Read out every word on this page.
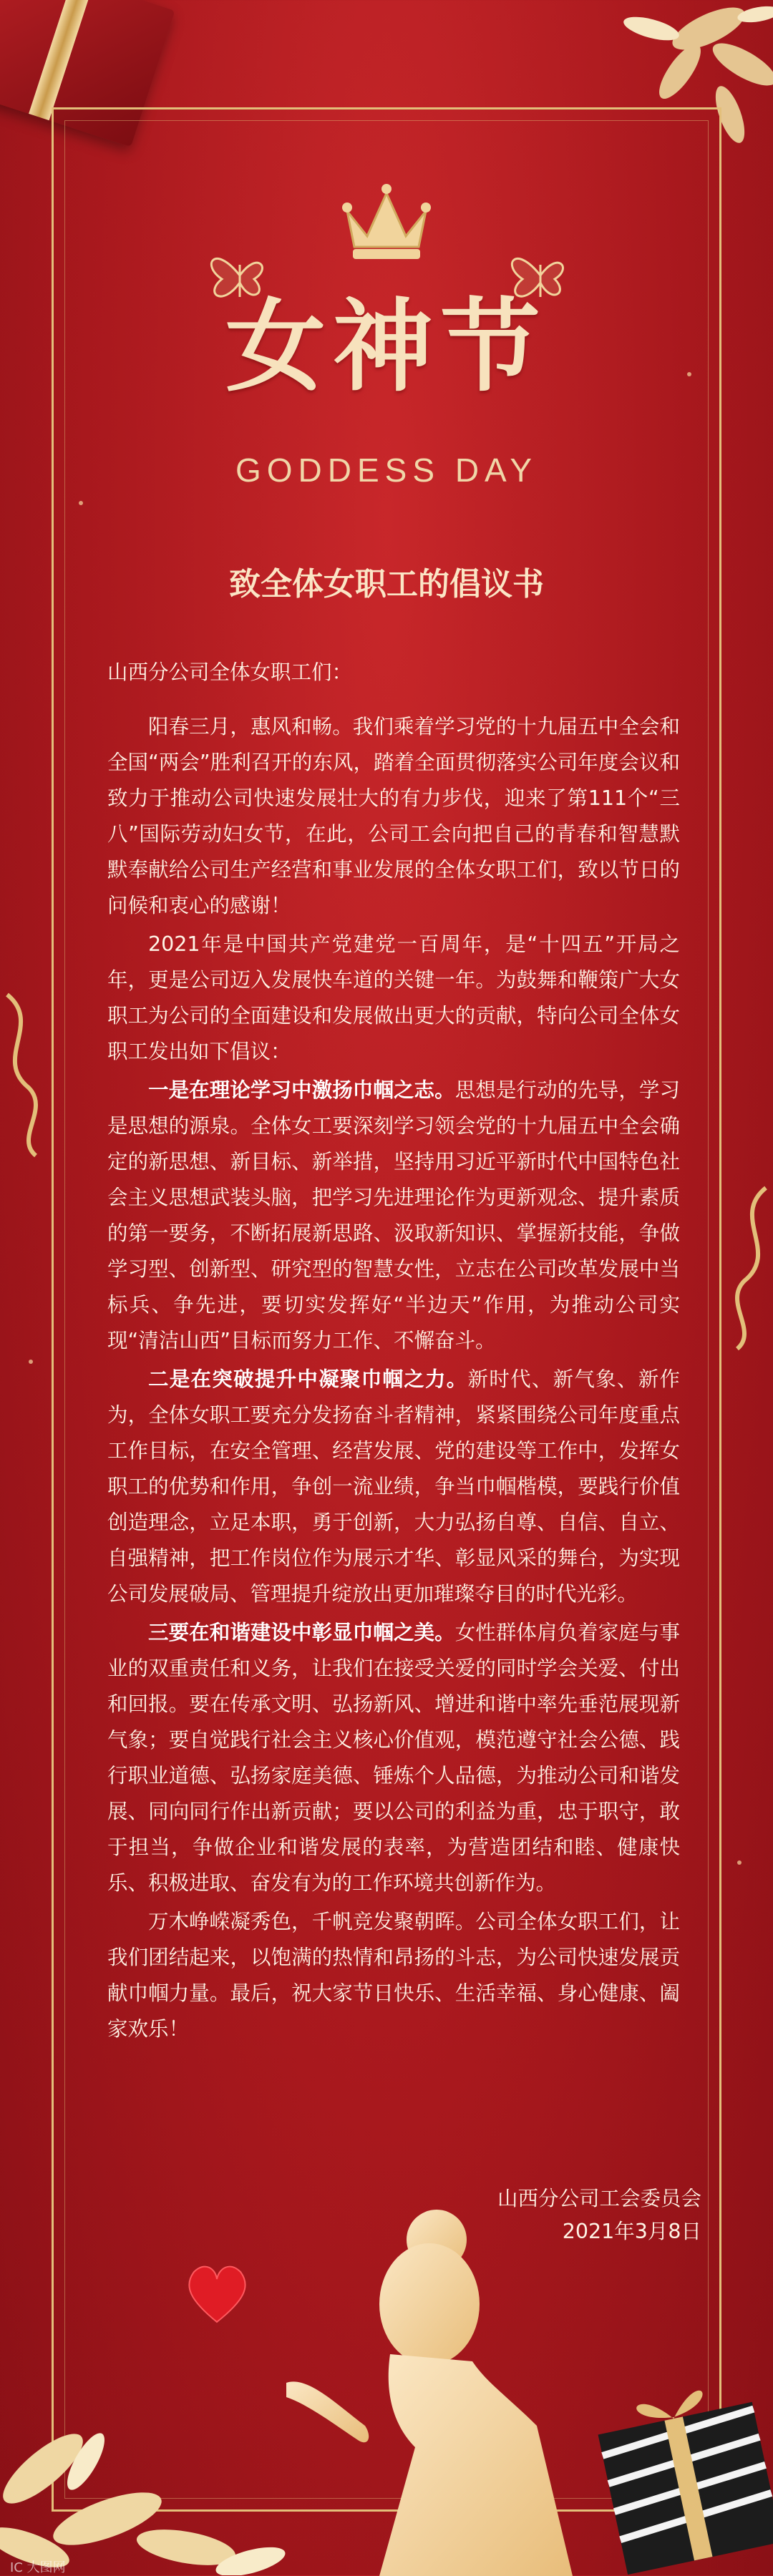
女神节
GODDESS DAY
致全体女职工的倡议书

山西分公司全体女职工们：

阳春三月，惠风和畅。我们乘着学习党的十九届五中全会和全国“两会”胜利召开的东风，踏着全面贯彻落实公司年度会议和致力于推动公司快速发展壮大的有力步伐，迎来了第111个“三八”国际劳动妇女节，在此，公司工会向把自己的青春和智慧默默奉献给公司生产经营和事业发展的全体女职工们，致以节日的问候和衷心的感谢！

2021年是中国共产党建党一百周年，是“十四五”开局之年，更是公司迈入发展快车道的关键一年。为鼓舞和鞭策广大女职工为公司的全面建设和发展做出更大的贡献，特向公司全体女职工发出如下倡议：

一是在理论学习中激扬巾帼之志。思想是行动的先导，学习是思想的源泉。全体女工要深刻学习领会党的十九届五中全会确定的新思想、新目标、新举措，坚持用习近平新时代中国特色社会主义思想武装头脑，把学习先进理论作为更新观念、提升素质的第一要务，不断拓展新思路、汲取新知识、掌握新技能，争做学习型、创新型、研究型的智慧女性，立志在公司改革发展中当标兵、争先进，要切实发挥好“半边天”作用，为推动公司实现“清洁山西”目标而努力工作、不懈奋斗。

二是在突破提升中凝聚巾帼之力。新时代、新气象、新作为，全体女职工要充分发扬奋斗者精神，紧紧围绕公司年度重点工作目标，在安全管理、经营发展、党的建设等工作中，发挥女职工的优势和作用，争创一流业绩，争当巾帼楷模，要践行价值创造理念，立足本职，勇于创新，大力弘扬自尊、自信、自立、自强精神，把工作岗位作为展示才华、彰显风采的舞台，为实现公司发展破局、管理提升绽放出更加璀璨夺目的时代光彩。

三要在和谐建设中彰显巾帼之美。女性群体肩负着家庭与事业的双重责任和义务，让我们在接受关爱的同时学会关爱、付出和回报。要在传承文明、弘扬新风、增进和谐中率先垂范展现新气象；要自觉践行社会主义核心价值观，模范遵守社会公德、践行职业道德、弘扬家庭美德、锤炼个人品德，为推动公司和谐发展、同向同行作出新贡献；要以公司的利益为重，忠于职守，敢于担当，争做企业和谐发展的表率，为营造团结和睦、健康快乐、积极进取、奋发有为的工作环境共创新作为。

万木峥嵘凝秀色，千帆竞发聚朝晖。公司全体女职工们，让我们团结起来，以饱满的热情和昂扬的斗志，为公司快速发展贡献巾帼力量。最后，祝大家节日快乐、生活幸福、身心健康、阖家欢乐！

山西分公司工会委员会
2021年3月8日
IC 大图网
